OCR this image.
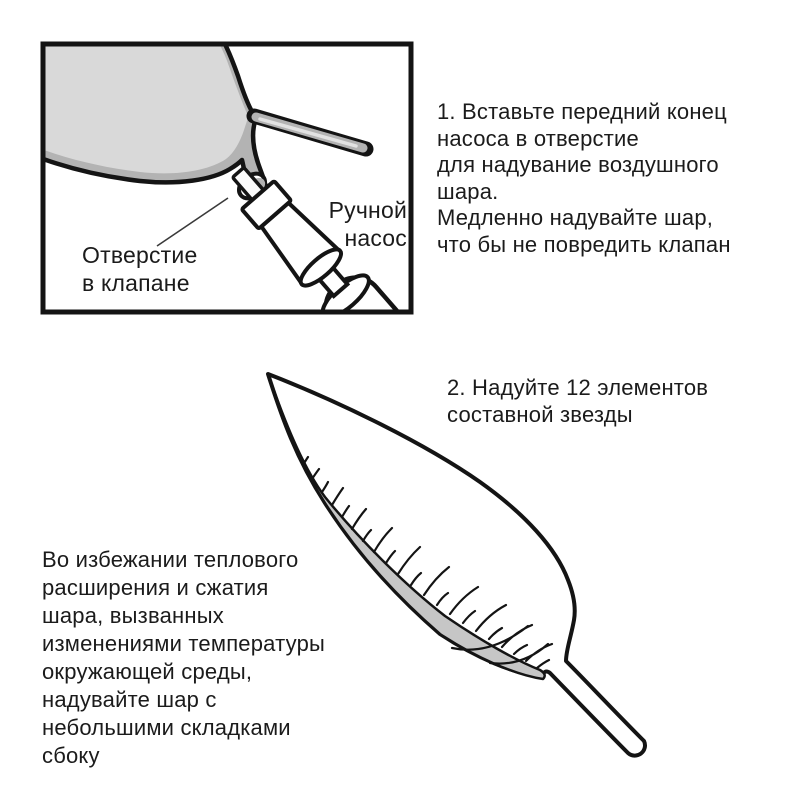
Ручной
насос
Отверстие
в клапане
1. Вставьте передний конец
насоса в отверстие
для надувание воздушного
шара.
Медленно надувайте шар,
что бы не повредить клапан
2. Надуйте 12 элементов
составной звезды
Во избежании теплового
расширения и сжатия
шара, вызванных
изменениями температуры
окружающей среды,
надувайте шар с
небольшими складками
сбоку
